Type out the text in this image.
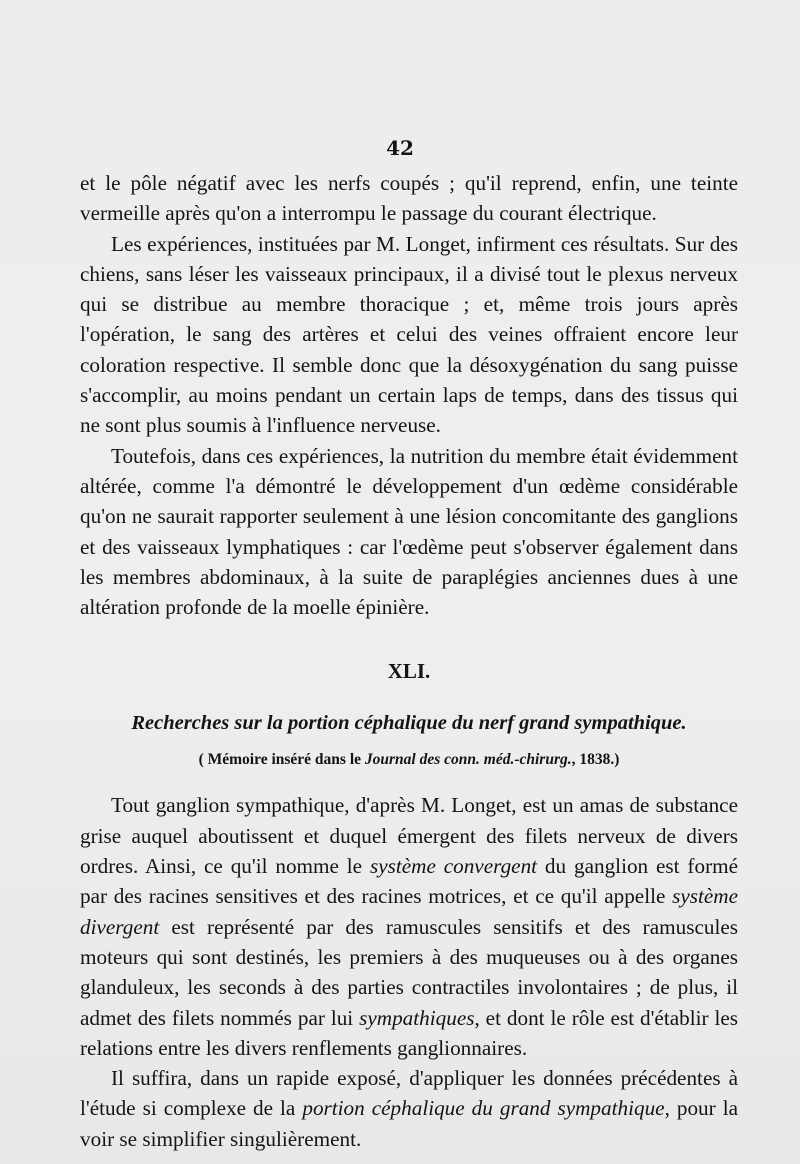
42

et le pôle négatif avec les nerfs coupés ; qu'il reprend, enfin, une teinte vermeille après qu'on a interrompu le passage du courant électrique.

Les expériences, instituées par M. Longet, infirment ces résultats. Sur des chiens, sans léser les vaisseaux principaux, il a divisé tout le plexus nerveux qui se distribue au membre thoracique ; et, même trois jours après l'opération, le sang des artères et celui des veines offraient encore leur coloration respective. Il semble donc que la désoxygénation du sang puisse s'accomplir, au moins pendant un certain laps de temps, dans des tissus qui ne sont plus soumis à l'influence nerveuse.

Toutefois, dans ces expériences, la nutrition du membre était évidemment altérée, comme l'a démontré le développement d'un œdème considérable qu'on ne saurait rapporter seulement à une lésion concomitante des ganglions et des vaisseaux lymphatiques : car l'œdème peut s'observer également dans les membres abdominaux, à la suite de paraplégies anciennes dues à une altération profonde de la moelle épinière.

XLI.
Recherches sur la portion céphalique du nerf grand sympathique.
( Mémoire inséré dans le Journal des conn. méd.-chirurg., 1838.)

Tout ganglion sympathique, d'après M. Longet, est un amas de substance grise auquel aboutissent et duquel émergent des filets nerveux de divers ordres. Ainsi, ce qu'il nomme le système convergent du ganglion est formé par des racines sensitives et des racines motrices, et ce qu'il appelle système divergent est représenté par des ramuscules sensitifs et des ramuscules moteurs qui sont destinés, les premiers à des muqueuses ou à des organes glanduleux, les seconds à des parties contractiles involontaires ; de plus, il admet des filets nommés par lui sympathiques, et dont le rôle est d'établir les relations entre les divers renflements ganglionnaires.

Il suffira, dans un rapide exposé, d'appliquer les données précédentes à l'étude si complexe de la portion céphalique du grand sympathique, pour la voir se simplifier singulièrement.
